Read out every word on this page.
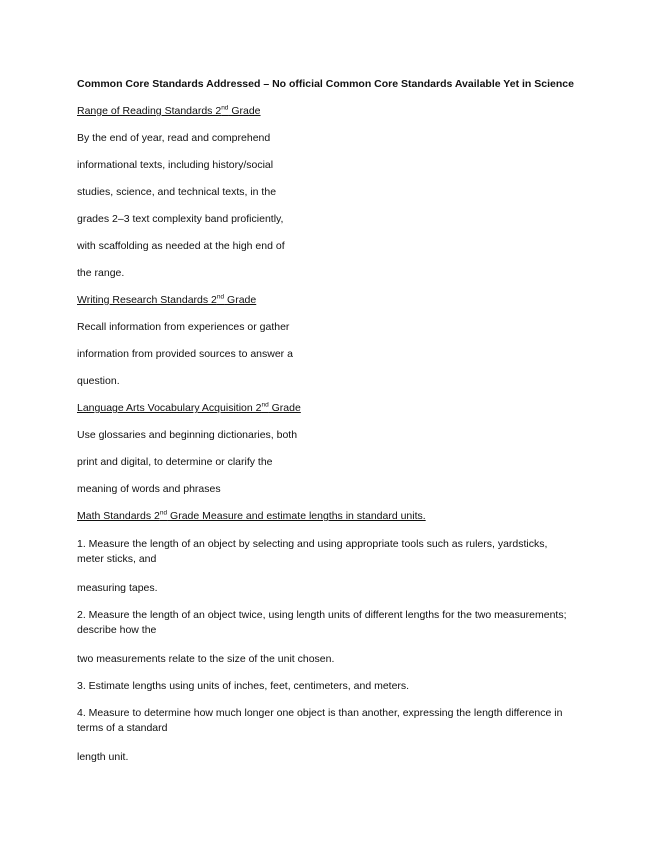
Common Core Standards Addressed – No official Common Core Standards Available Yet in Science
Range of Reading Standards 2nd Grade
By the end of year, read and comprehend
informational texts, including history/social
studies, science, and technical texts, in the
grades 2–3 text complexity band proficiently,
with scaffolding as needed at the high end of
the range.
Writing Research Standards 2nd Grade
Recall information from experiences or gather
information from provided sources to answer a
question.
Language Arts Vocabulary Acquisition 2nd Grade
Use glossaries and beginning dictionaries, both
print and digital, to determine or clarify the
meaning of words and phrases
Math Standards 2nd Grade Measure and estimate lengths in standard units.
1. Measure the length of an object by selecting and using appropriate tools such as rulers, yardsticks, meter sticks, and
measuring tapes.
2. Measure the length of an object twice, using length units of different lengths for the two measurements; describe how the
two measurements relate to the size of the unit chosen.
3. Estimate lengths using units of inches, feet, centimeters, and meters.
4. Measure to determine how much longer one object is than another, expressing the length difference in terms of a standard
length unit.
